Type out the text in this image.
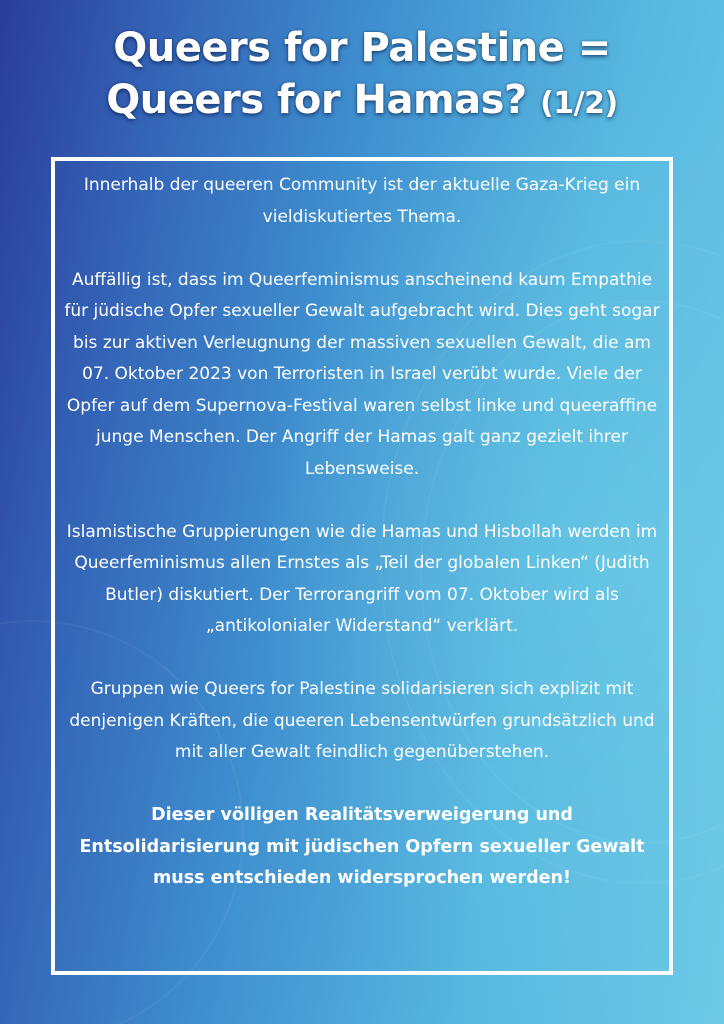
Queers for Palestine =
Queers for Hamas? (1/2)

Innerhalb der queeren Community ist der aktuelle Gaza-Krieg ein vieldiskutiertes Thema.

Auffällig ist, dass im Queerfeminismus anscheinend kaum Empathie für jüdische Opfer sexueller Gewalt aufgebracht wird. Dies geht sogar bis zur aktiven Verleugnung der massiven sexuellen Gewalt, die am 07. Oktober 2023 von Terroristen in Israel verübt wurde. Viele der Opfer auf dem Supernova-Festival waren selbst linke und queeraffine junge Menschen. Der Angriff der Hamas galt ganz gezielt ihrer Lebensweise.

Islamistische Gruppierungen wie die Hamas und Hisbollah werden im Queerfeminismus allen Ernstes als „Teil der globalen Linken“ (Judith Butler) diskutiert. Der Terrorangriff vom 07. Oktober wird als „antikolonialer Widerstand“ verklärt.

Gruppen wie Queers for Palestine solidarisieren sich explizit mit denjenigen Kräften, die queeren Lebensentwürfen grundsätzlich und mit aller Gewalt feindlich gegenüberstehen.

Dieser völligen Realitätsverweigerung und Entsolidarisierung mit jüdischen Opfern sexueller Gewalt muss entschieden widersprochen werden!
